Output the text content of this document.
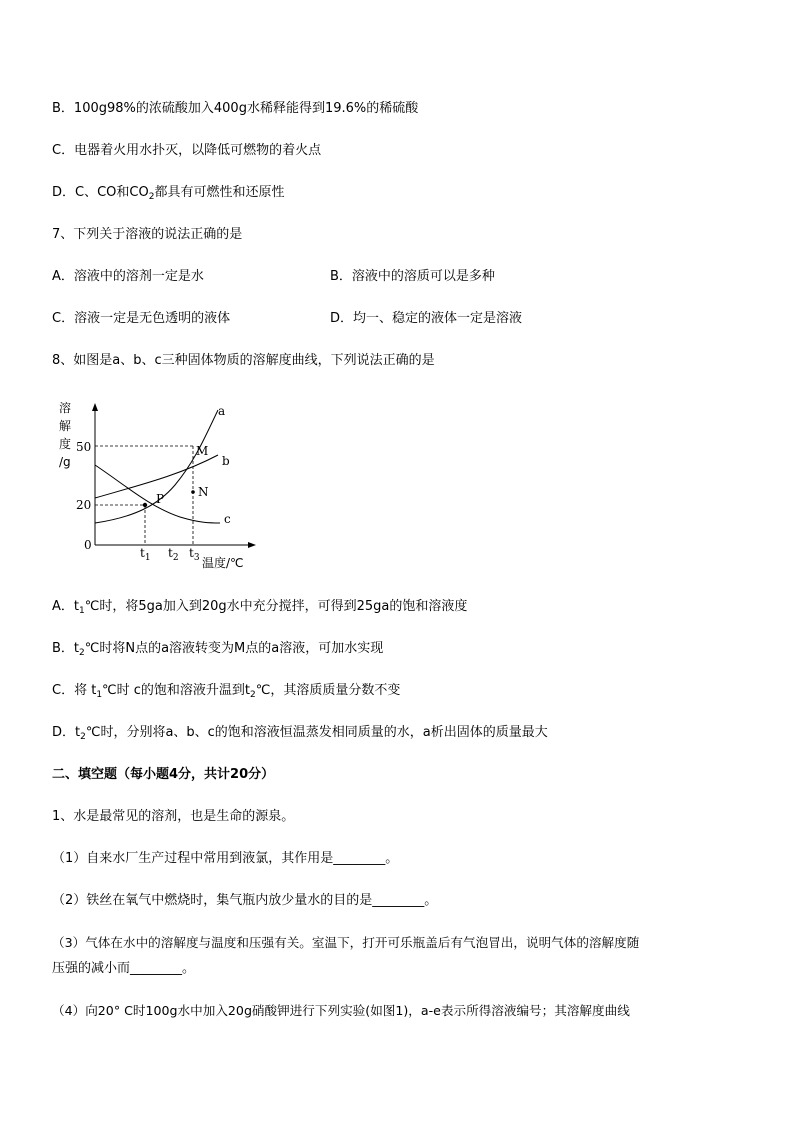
B．100g98%的浓硫酸加入400g水稀释能得到19.6%的稀硫酸
C．电器着火用水扑灭，以降低可燃物的着火点
D．C、CO和$CO_2$都具有可燃性和还原性
7、下列关于溶液的说法正确的是
A．溶液中的溶剂一定是水	B．溶液中的溶质可以是多种
C．溶液一定是无色透明的液体	D．均一、稳定的液体一定是溶液
8、如图是a、b、c三种固体物质的溶解度曲线，下列说法正确的是
溶
解
度
/g
50
20
0
a
b
c
M
N
P
$t_1$ $t_2$ $t_3$ 温度/℃
A．$t_1℃$时，将5ga加入到20g水中充分搅拌，可得到25ga的饱和溶液度
B．$t_2℃$时将N点的a溶液转变为M点的a溶液，可加水实现
C．将 $t_1℃$时 c的饱和溶液升温到$t_2℃$，其溶质质量分数不变
D．$t_2℃$时，分别将a、b、c的饱和溶液恒温蒸发相同质量的水，a析出固体的质量最大
二、填空题（每小题4分，共计20分）
1、水是最常见的溶剂，也是生命的源泉。
（1）自来水厂生产过程中常用到液氯，其作用是________。
（2）铁丝在氧气中燃烧时，集气瓶内放少量水的目的是________。
（3）气体在水中的溶解度与温度和压强有关。室温下，打开可乐瓶盖后有气泡冒出，说明气体的溶解度随
压强的减小而________。
（4）向20° C时100g水中加入20g硝酸钾进行下列实验(如图1)，a-e表示所得溶液编号；其溶解度曲线
